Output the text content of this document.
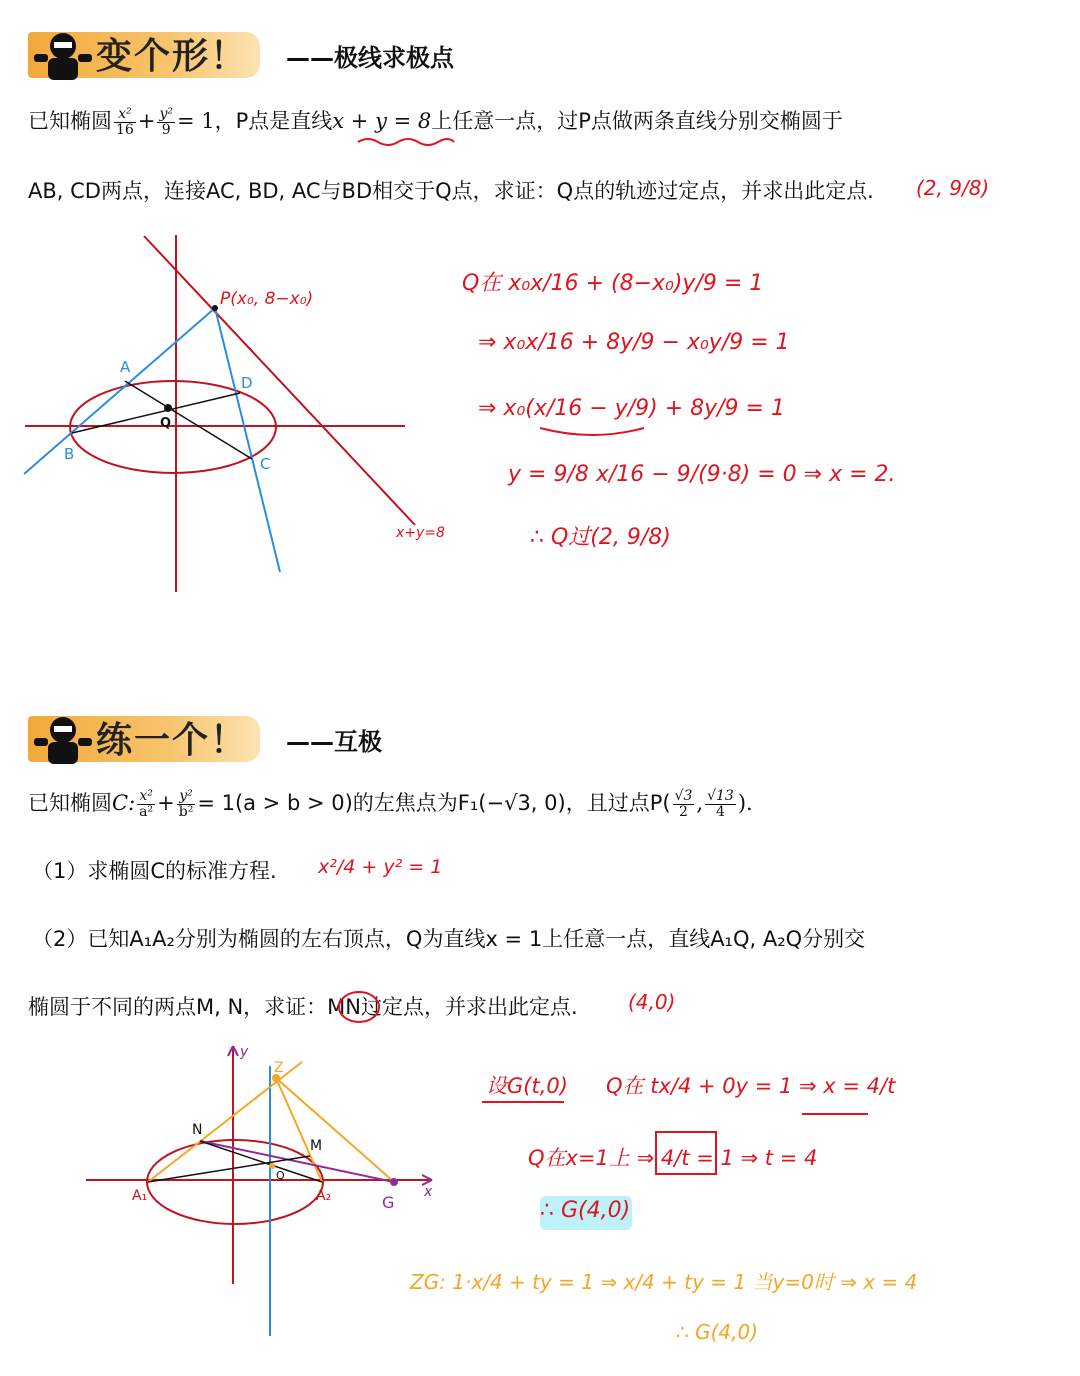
变个形！ ——极线求极点
已知椭圆 $\frac{\text{x²}}{16} + \frac{\text{y²}}{9} = 1$，P点是直线x + y = 8上任意一点，过P点做两条直线分别交椭圆于
AB, CD两点，连接AC, BD, AC与BD相交于Q点，求证：Q点的轨迹过定点，并求出此定点. (2, 9/8)
P(x₀, 8−x₀)
A
B
C
D
Q
x+y=8
Q在 x₀x/16 + (8−x₀)y/9 = 1
⇒ x₀x/16 + 8y/9 − x₀y/9 = 1
⇒ x₀(x/16 − y/9) + 8y/9 = 1
y = 9/8 x/16 − 9/(9·8) = 0 ⇒ x = 2.
∴ Q过(2, 9/8)
练一个！ ——互极
已知椭圆C: $\frac{\text{x²}}{\text{a²}} + \frac{\text{y²}}{\text{b²}} = 1(a > b > 0)$的左焦点为F₁(−√3, 0)，且过点$P( \frac{√3}{2}$ , $\frac{√13}{4}$ ).
（1）求椭圆C的标准方程. x²/4 + y² = 1
（2）已知A₁A₂分别为椭圆的左右顶点，Q为直线x = 1上任意一点，直线A₁Q, A₂Q分别交
椭圆于不同的两点M, N，求证：MN过定点，并求出此定点.	(4,0)
y
x
Z
N
M
A₁	A₂	G
Q
设G(t,0) Q在 tx/4 + 0y = 1 ⇒ x = 4/t
Q在x=1上 ⇒ 4/t = 1 ⇒ t = 4
∴ G(4,0)
ZG: 1·x/4 + ty = 1 ⇒ x/4 + ty = 1 当y=0时 ⇒ x = 4
∴ G(4,0)
